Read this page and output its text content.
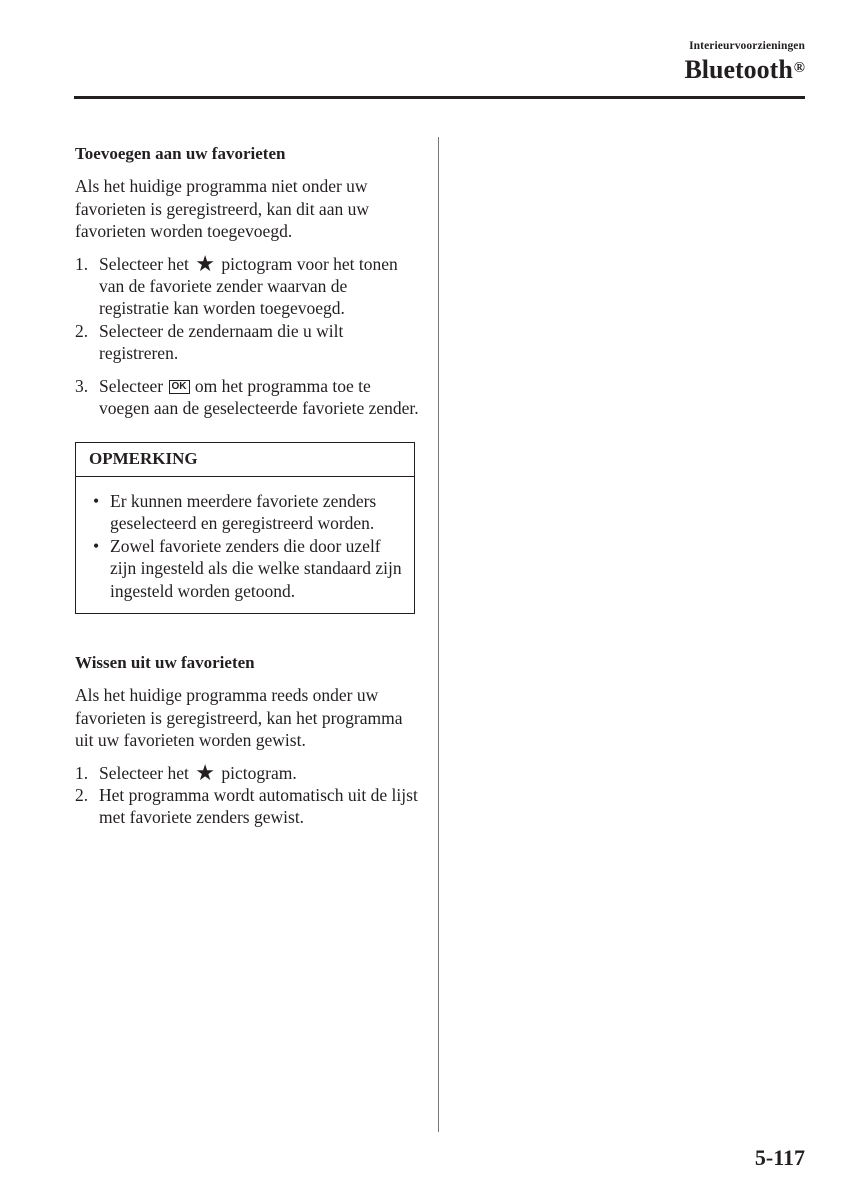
Interieurvoorzieningen
Bluetooth®
Toevoegen aan uw favorieten

Als het huidige programma niet onder uw favorieten is geregistreerd, kan dit aan uw favorieten worden toegevoegd.

1. Selecteer het ★ pictogram voor het tonen van de favoriete zender waarvan de registratie kan worden toegevoegd.
2. Selecteer de zendernaam die u wilt registreren.
3. Selecteer OK om het programma toe te voegen aan de geselecteerde favoriete zender.
OPMERKING
• Er kunnen meerdere favoriete zenders geselecteerd en geregistreerd worden.
• Zowel favoriete zenders die door uzelf zijn ingesteld als die welke standaard zijn ingesteld worden getoond.
Wissen uit uw favorieten

Als het huidige programma reeds onder uw favorieten is geregistreerd, kan het programma uit uw favorieten worden gewist.

1. Selecteer het ★ pictogram.
2. Het programma wordt automatisch uit de lijst met favoriete zenders gewist.
5-117
